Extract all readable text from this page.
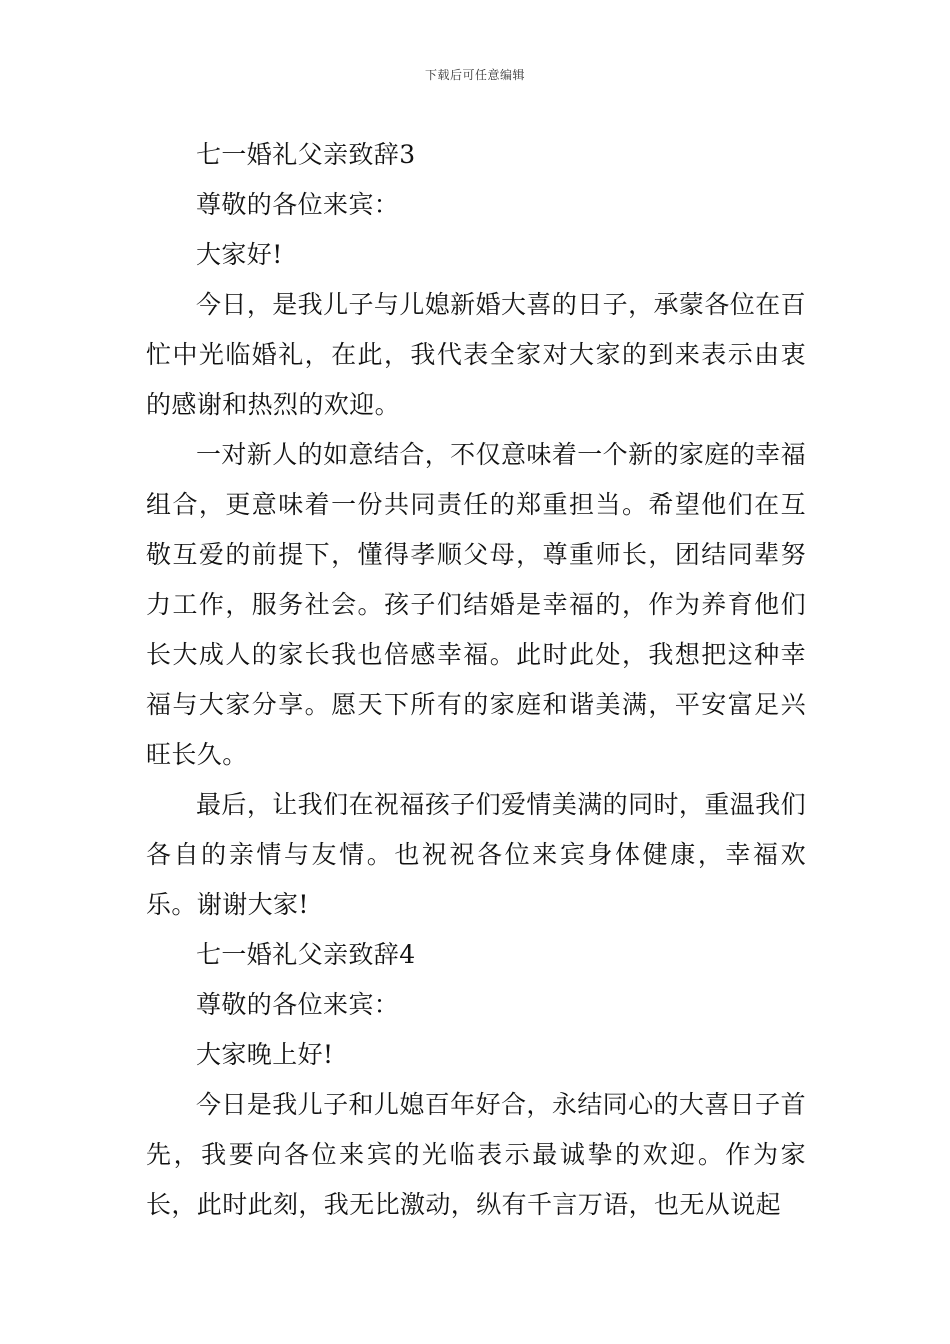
下载后可任意编辑

七一婚礼父亲致辞3

尊敬的各位来宾：

大家好!

今日，是我儿子与儿媳新婚大喜的日子，承蒙各位在百忙中光临婚礼，在此，我代表全家对大家的到来表示由衷的感谢和热烈的欢迎。

一对新人的如意结合，不仅意味着一个新的家庭的幸福组合，更意味着一份共同责任的郑重担当。希望他们在互敬互爱的前提下，懂得孝顺父母，尊重师长，团结同辈努力工作，服务社会。孩子们结婚是幸福的，作为养育他们长大成人的家长我也倍感幸福。此时此处，我想把这种幸福与大家分享。愿天下所有的家庭和谐美满，平安富足兴旺长久。

最后，让我们在祝福孩子们爱情美满的同时，重温我们各自的亲情与友情。也祝祝各位来宾身体健康，幸福欢乐。谢谢大家!

七一婚礼父亲致辞4

尊敬的各位来宾：

大家晚上好!

今日是我儿子和儿媳百年好合，永结同心的大喜日子首先，我要向各位来宾的光临表示最诚挚的欢迎。作为家长，此时此刻，我无比激动，纵有千言万语，也无从说起
